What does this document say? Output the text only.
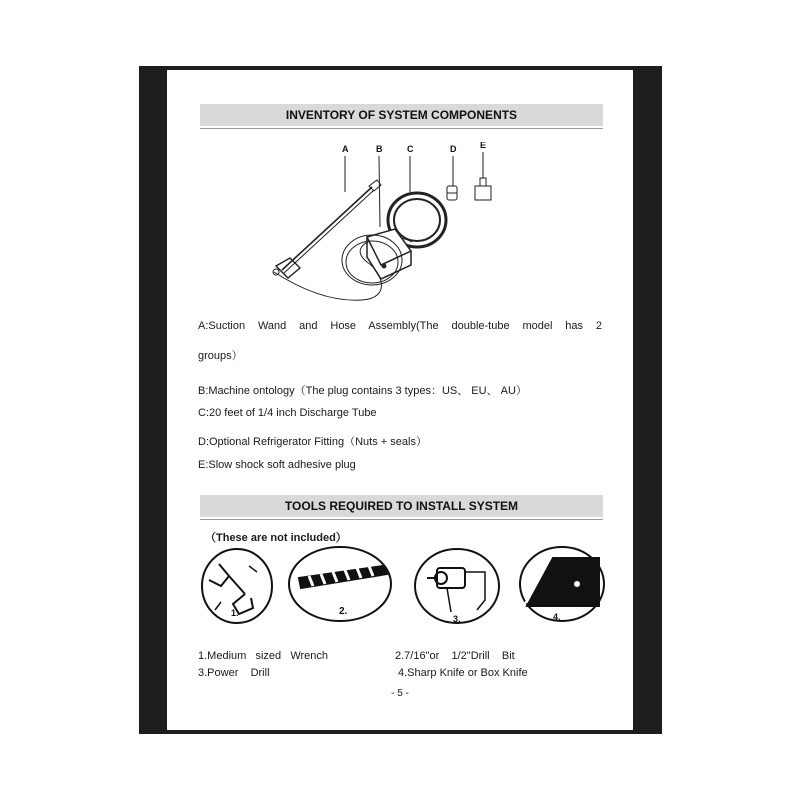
INVENTORY OF SYSTEM COMPONENTS
A	B	C	D	E
A:Suction Wand and Hose Assembly(The double-tube model has 2
groups）
B:Machine ontology（The plug contains 3 types：US、 EU、 AU）
C:20 feet of 1/4 inch Discharge Tube
D:Optional Refrigerator Fitting（Nuts + seals）
E:Slow shock soft adhesive plug
TOOLS REQUIRED TO INSTALL SYSTEM
（These are not included）
1.	2.
3.	4.
1.Medium   sized   Wrench	2.7/16"or    1/2"Drill    Bit
3.Power    Drill	4.Sharp Knife or Box Knife
- 5 -
